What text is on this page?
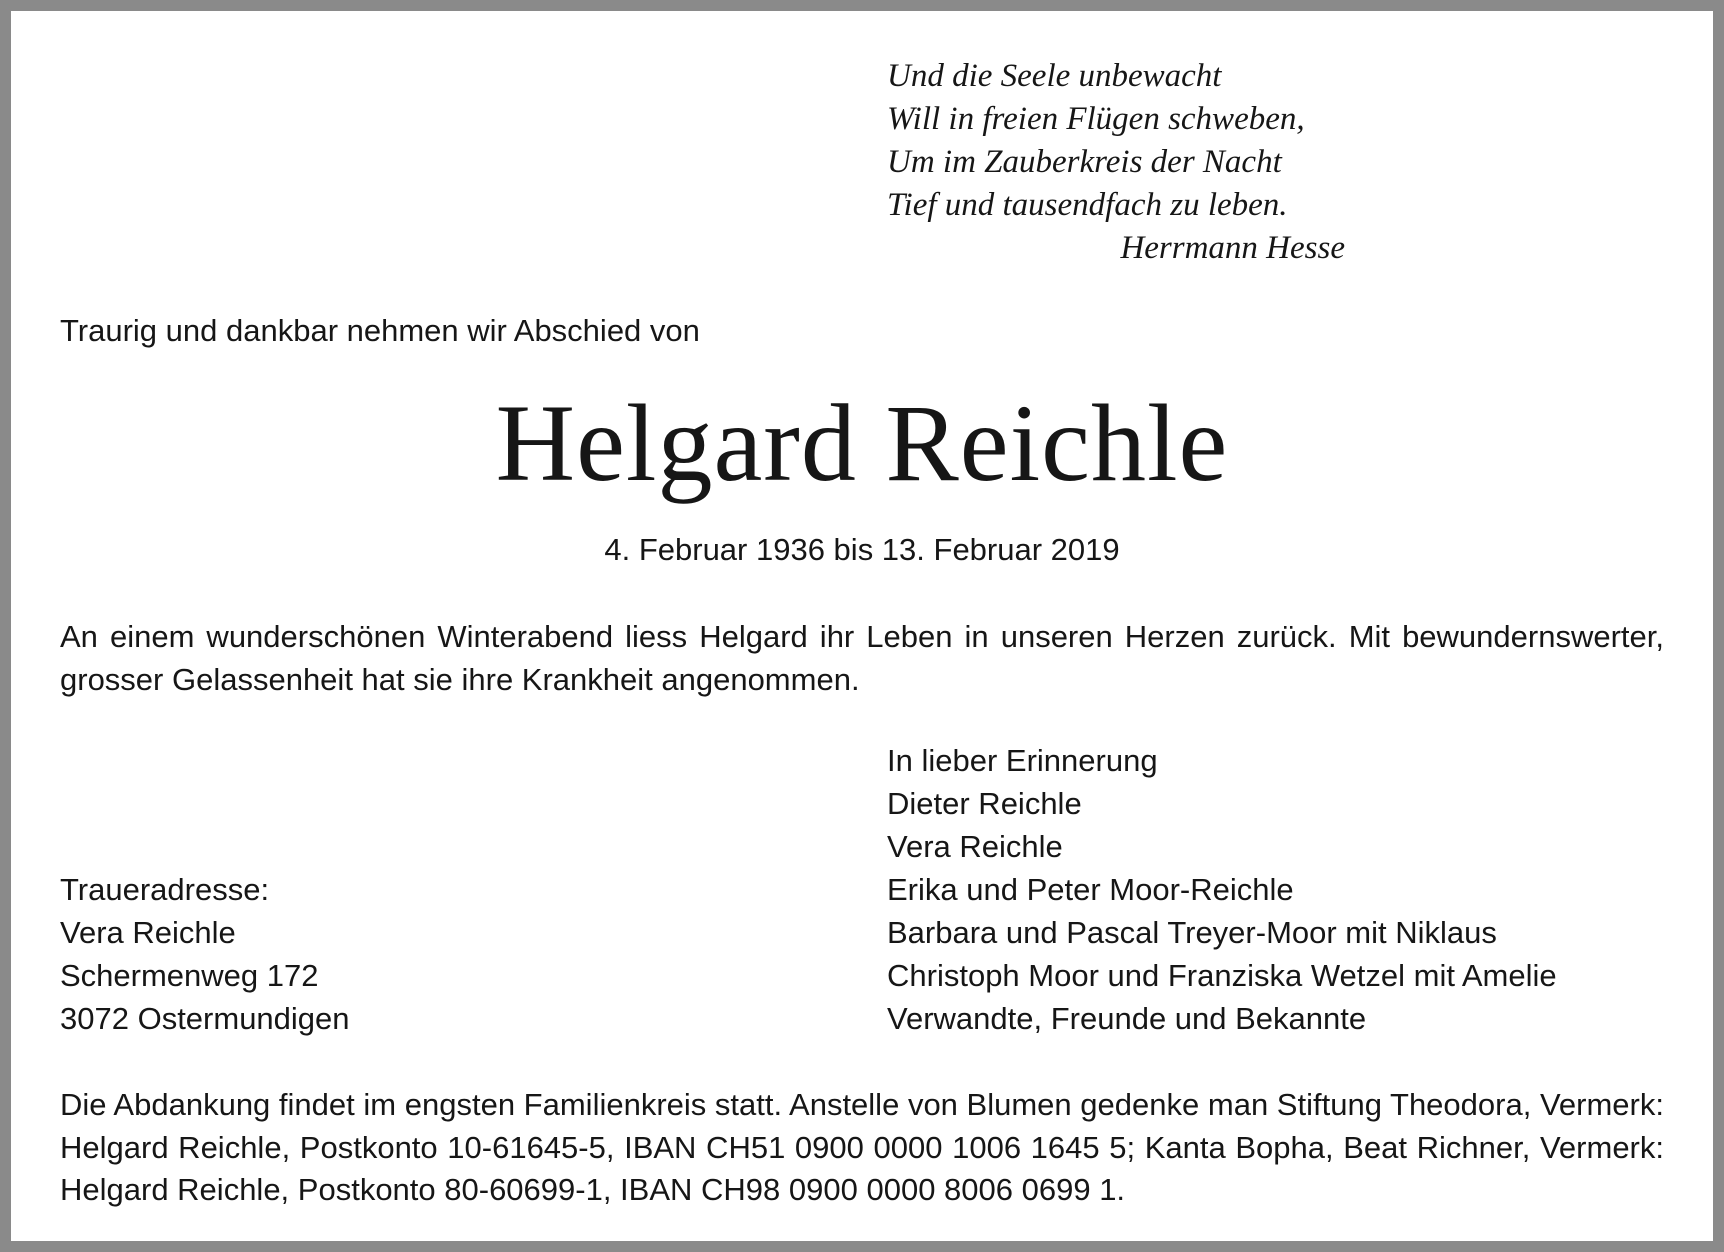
Und die Seele unbewacht
Will in freien Flügen schweben,
Um im Zauberkreis der Nacht
Tief und tausendfach zu leben.
Herrmann Hesse
Traurig und dankbar nehmen wir Abschied von
Helgard Reichle
4. Februar 1936 bis 13. Februar 2019
An einem wunderschönen Winterabend liess Helgard ihr Leben in unseren Herzen zurück. Mit bewundernswerter, grosser Gelassenheit hat sie ihre Krankheit angenommen.
In lieber Erinnerung
Dieter Reichle
Vera Reichle
Erika und Peter Moor-Reichle
Barbara und Pascal Treyer-Moor mit Niklaus
Christoph Moor und Franziska Wetzel mit Amelie
Verwandte, Freunde und Bekannte
Traueradresse:
Vera Reichle
Schermenweg 172
3072 Ostermundigen
Die Abdankung findet im engsten Familienkreis statt. Anstelle von Blumen gedenke man Stiftung Theodora, Vermerk: Helgard Reichle, Postkonto 10-61645-5, IBAN CH51 0900 0000 1006 1645 5; Kanta Bopha, Beat Richner, Vermerk: Helgard Reichle, Postkonto 80-60699-1, IBAN CH98 0900 0000 8006 0699 1.
